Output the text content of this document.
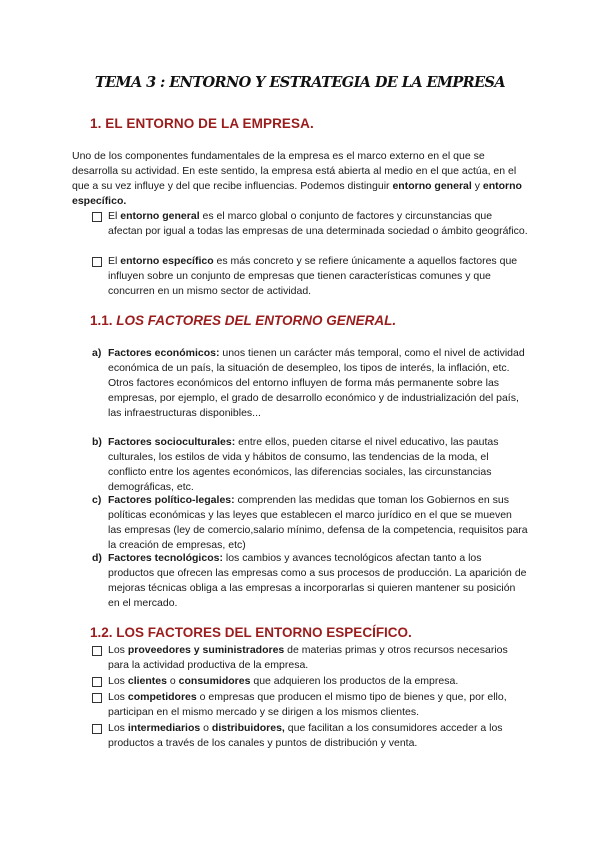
TEMA 3 : ENTORNO Y ESTRATEGIA DE LA EMPRESA
1. EL ENTORNO DE LA EMPRESA.
Uno de los componentes fundamentales de la empresa es el marco externo en el que se desarrolla su actividad. En este sentido, la empresa está abierta al medio en el que actúa, en el que a su vez influye y del que recibe influencias. Podemos distinguir entorno general y entorno específico.
El entorno general es el marco global o conjunto de factores y circunstancias que afectan por igual a todas las empresas de una determinada sociedad o ámbito geográfico.
El entorno específico es más concreto y se refiere únicamente a aquellos factores que influyen sobre un conjunto de empresas que tienen características comunes y que concurren en un mismo sector de actividad.
1.1. LOS FACTORES DEL ENTORNO GENERAL.
a) Factores económicos: unos tienen un carácter más temporal, como el nivel de actividad económica de un país, la situación de desempleo, los tipos de interés, la inflación, etc.
Otros factores económicos del entorno influyen de forma más permanente sobre las empresas, por ejemplo, el grado de desarrollo económico y de industrialización del país, las infraestructuras disponibles...
b) Factores socioculturales: entre ellos, pueden citarse el nivel educativo, las pautas culturales, los estilos de vida y hábitos de consumo, las tendencias de la moda, el conflicto entre los agentes económicos, las diferencias sociales, las circunstancias demográficas, etc.
c) Factores político-legales: comprenden las medidas que toman los Gobiernos en sus políticas económicas y las leyes que establecen el marco jurídico en el que se mueven las empresas (ley de comercio,salario mínimo, defensa de la competencia, requisitos para la creación de empresas, etc)
d) Factores tecnológicos: los cambios y avances tecnológicos afectan tanto a los productos que ofrecen las empresas como a sus procesos de producción. La aparición de mejoras técnicas obliga a las empresas a incorporarlas si quieren mantener su posición en el mercado.
1.2. LOS FACTORES DEL ENTORNO ESPECÍFICO.
Los proveedores y suministradores de materias primas y otros recursos necesarios para la actividad productiva de la empresa.
Los clientes o consumidores que adquieren los productos de la empresa.
Los competidores o empresas que producen el mismo tipo de bienes y que, por ello, participan en el mismo mercado y se dirigen a los mismos clientes.
Los intermediarios o distribuidores, que facilitan a los consumidores acceder a los productos a través de los canales y puntos de distribución y venta.
